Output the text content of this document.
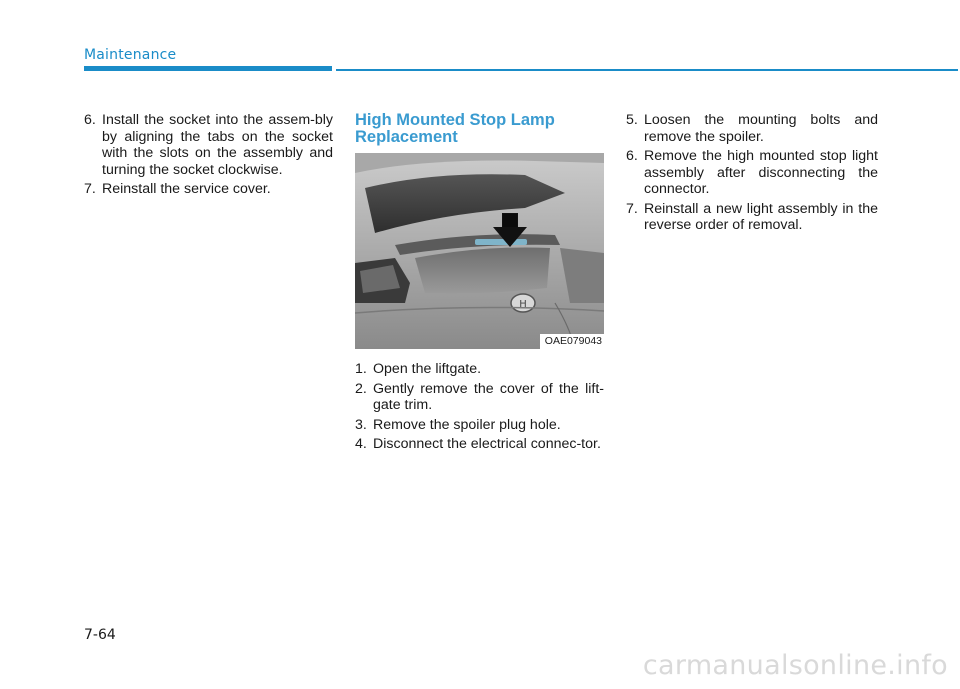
Maintenance
6. Install the socket into the assem-bly by aligning the tabs on the socket with the slots on the assembly and turning the socket clockwise.
7. Reinstall the service cover.
High Mounted Stop Lamp Replacement
H
OAE079043
1. Open the liftgate.
2. Gently remove the cover of the lift-gate trim.
3. Remove the spoiler plug hole.
4. Disconnect the electrical connec-tor.
5. Loosen the mounting bolts and remove the spoiler.
6. Remove the high mounted stop light assembly after disconnecting the connector.
7. Reinstall a new light assembly in the reverse order of removal.
7-64
carmanualsonline.info
